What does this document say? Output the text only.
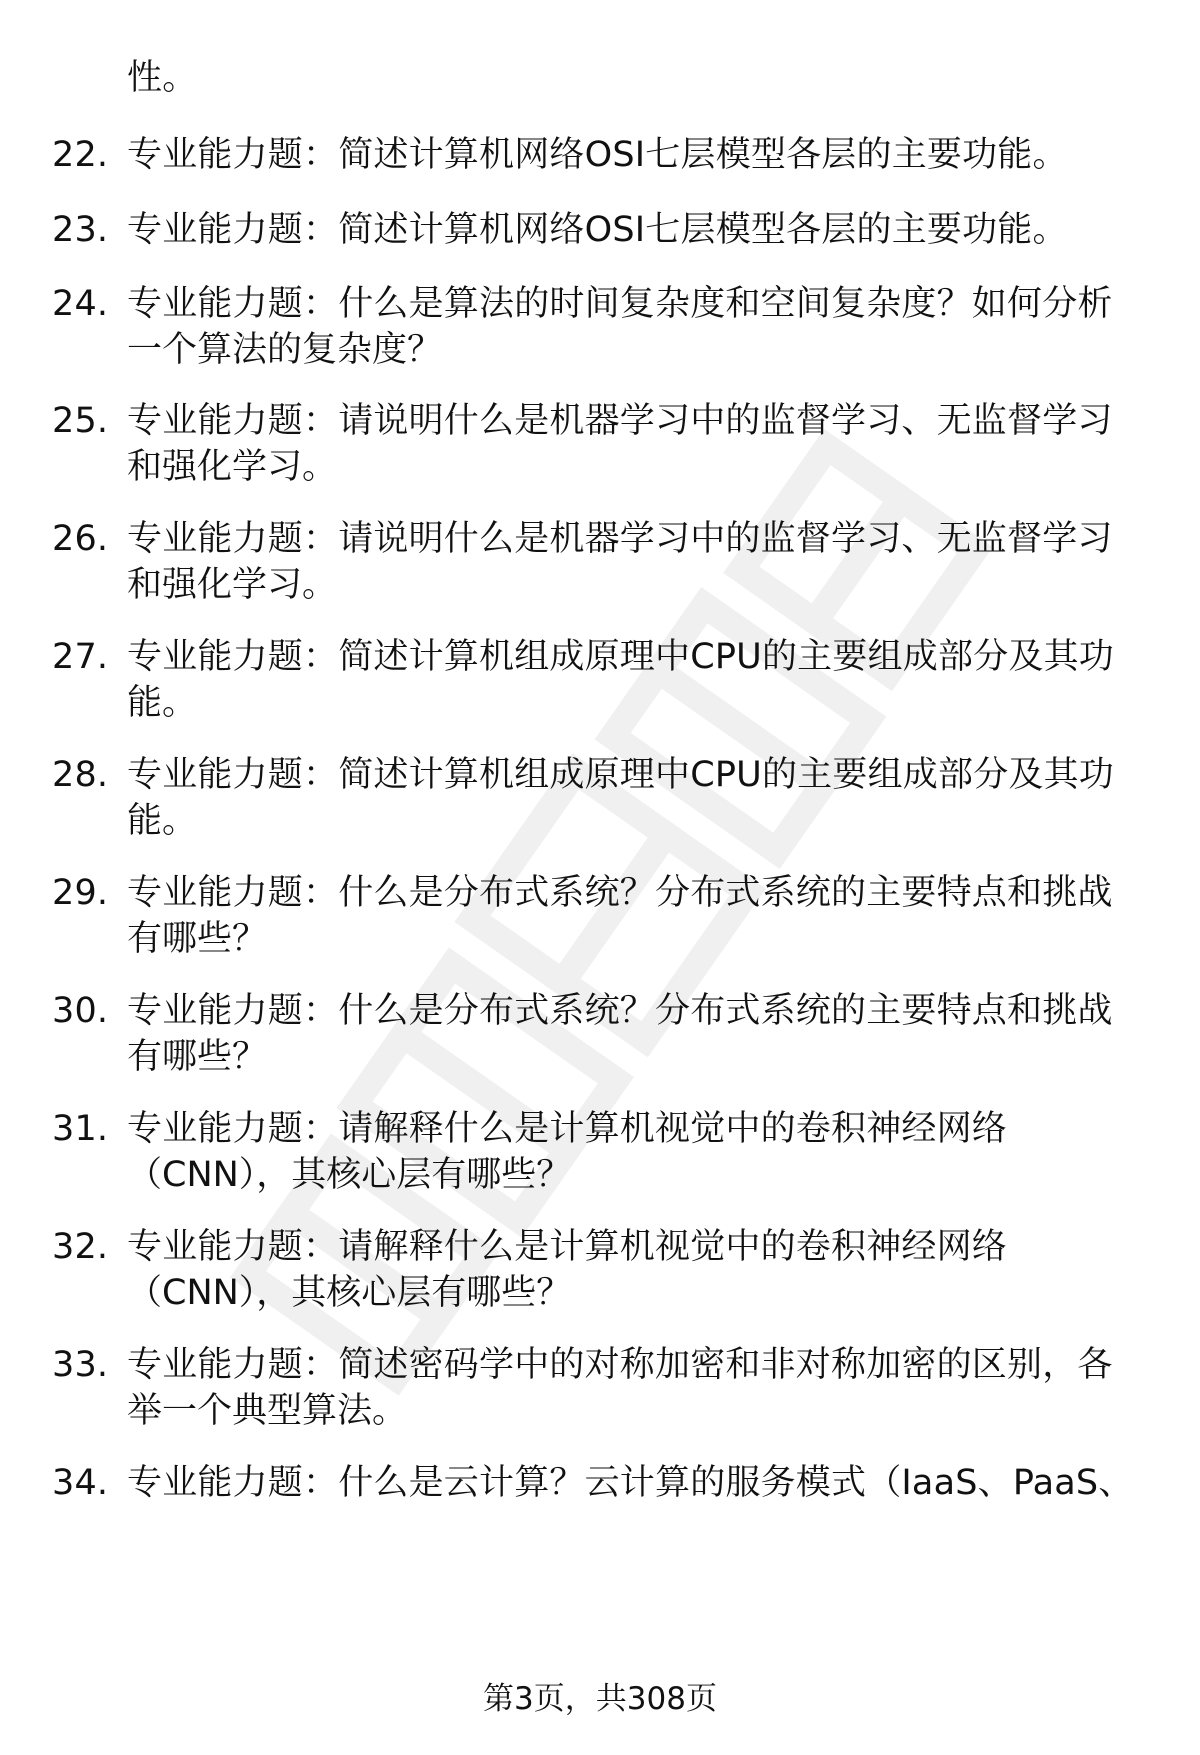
性。
22. 专业能力题：简述计算机网络OSI七层模型各层的主要功能。
23. 专业能力题：简述计算机网络OSI七层模型各层的主要功能。
24. 专业能力题：什么是算法的时间复杂度和空间复杂度？如何分析
一个算法的复杂度？
25. 专业能力题：请说明什么是机器学习中的监督学习、无监督学习
和强化学习。
26. 专业能力题：请说明什么是机器学习中的监督学习、无监督学习
和强化学习。
27. 专业能力题：简述计算机组成原理中CPU的主要组成部分及其功
能。
28. 专业能力题：简述计算机组成原理中CPU的主要组成部分及其功
能。
29. 专业能力题：什么是分布式系统？分布式系统的主要特点和挑战
有哪些？
30. 专业能力题：什么是分布式系统？分布式系统的主要特点和挑战
有哪些？
31. 专业能力题：请解释什么是计算机视觉中的卷积神经网络
（CNN），其核心层有哪些？
32. 专业能力题：请解释什么是计算机视觉中的卷积神经网络
（CNN），其核心层有哪些？
33. 专业能力题：简述密码学中的对称加密和非对称加密的区别，各
举一个典型算法。
34. 专业能力题：什么是云计算？云计算的服务模式（IaaS、PaaS、
第3页，共308页
